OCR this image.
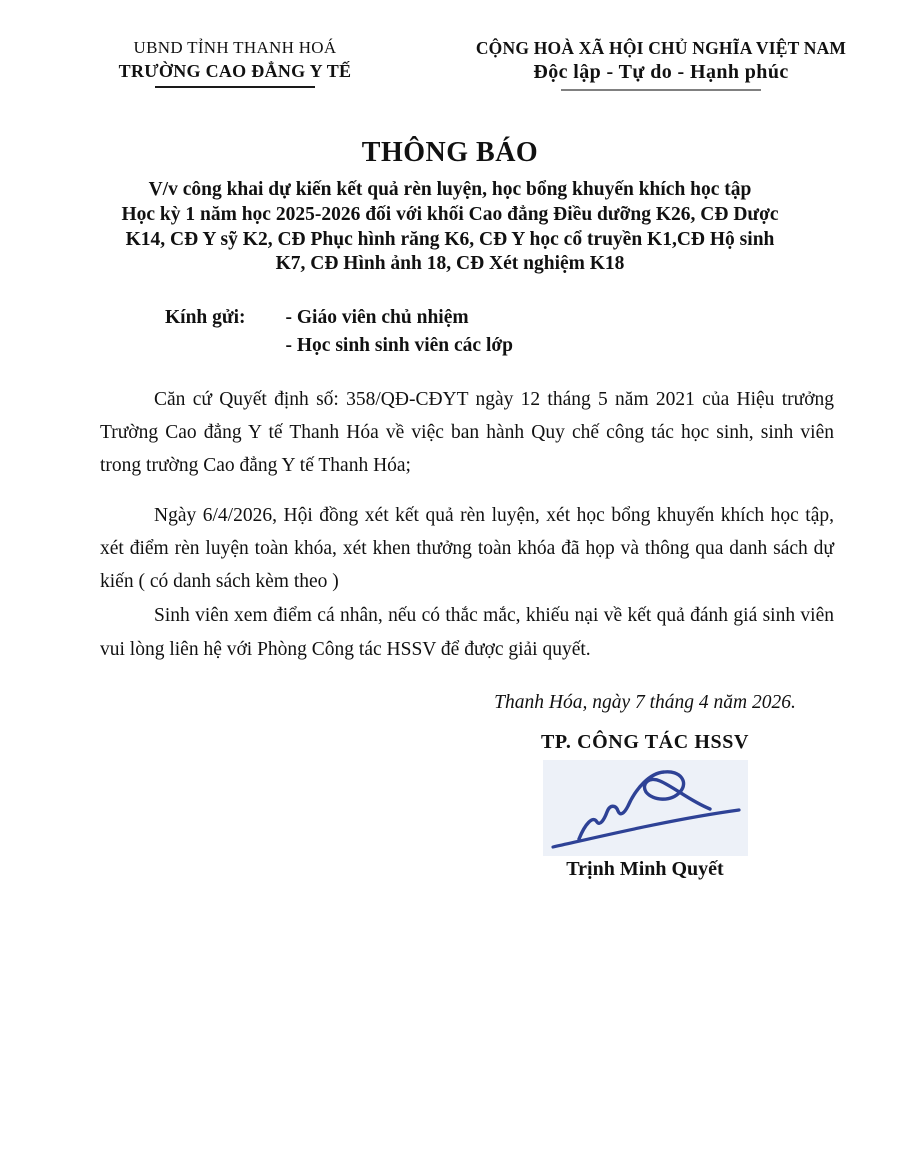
UBND TỈNH THANH HOÁ
TRƯỜNG CAO ĐẲNG Y TẾ
CỘNG HOÀ XÃ HỘI CHỦ NGHĨA VIỆT NAM
Độc lập - Tự do - Hạnh phúc
THÔNG BÁO
V/v công khai dự kiến kết quả rèn luyện, học bổng khuyến khích học tập
Học kỳ 1 năm học 2025-2026 đối với khối Cao đẳng Điều dưỡng K26, CĐ Dược
K14, CĐ Y sỹ K2, CĐ Phục hình răng K6, CĐ Y học cổ truyền K1,CĐ Hộ sinh
K7, CĐ Hình ảnh 18, CĐ Xét nghiệm K18
Kính gửi: - Giáo viên chủ nhiệm
- Học sinh sinh viên các lớp

Căn cứ Quyết định số: 358/QĐ-CĐYT ngày 12 tháng 5 năm 2021 của Hiệu trưởng Trường Cao đẳng Y tế Thanh Hóa về việc ban hành Quy chế công tác học sinh, sinh viên trong trường Cao đẳng Y tế Thanh Hóa;

Ngày 6/4/2026, Hội đồng xét kết quả rèn luyện, xét học bổng khuyến khích học tập, xét điểm rèn luyện toàn khóa, xét khen thưởng toàn khóa đã họp và thông qua danh sách dự kiến ( có danh sách kèm theo )

Sinh viên xem điểm cá nhân, nếu có thắc mắc, khiếu nại về kết quả đánh giá sinh viên vui lòng liên hệ với Phòng Công tác HSSV để được giải quyết.

Thanh Hóa, ngày 7 tháng 4 năm 2026.
TP. CÔNG TÁC HSSV
Trịnh Minh Quyết
